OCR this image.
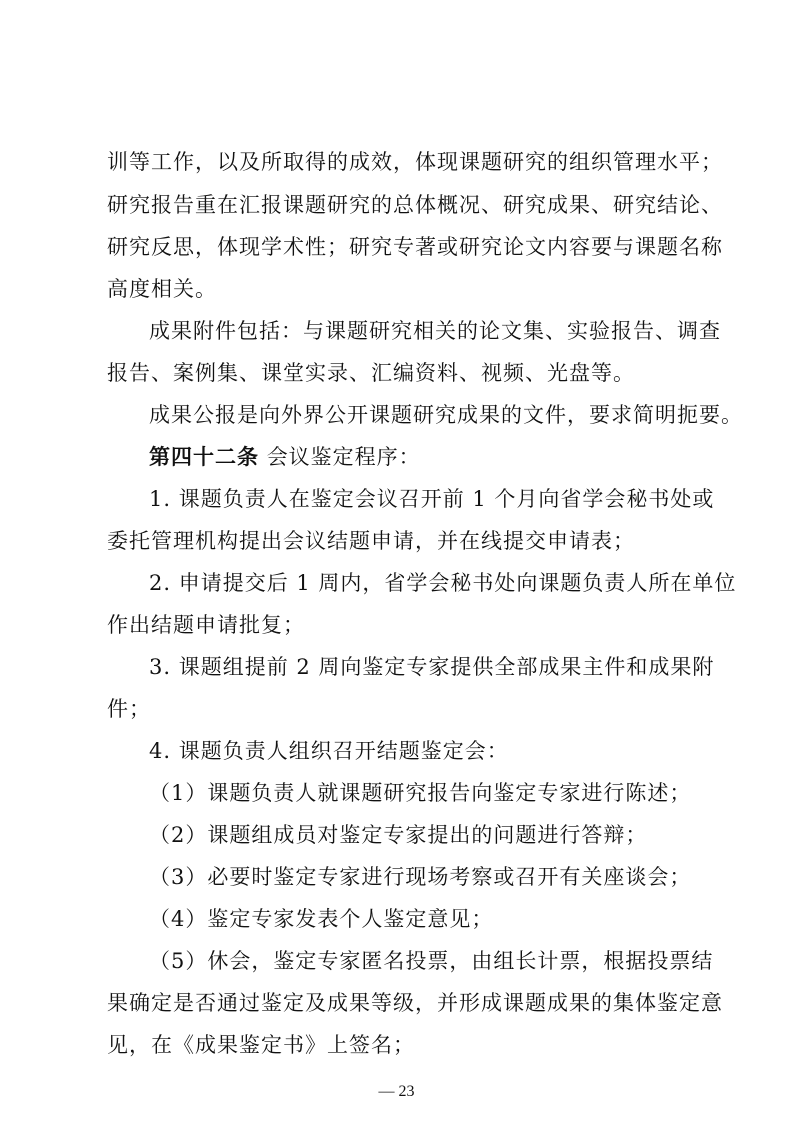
训等工作，以及所取得的成效，体现课题研究的组织管理水平；
研究报告重在汇报课题研究的总体概况、研究成果、研究结论、
研究反思，体现学术性；研究专著或研究论文内容要与课题名称
高度相关。
成果附件包括：与课题研究相关的论文集、实验报告、调查
报告、案例集、课堂实录、汇编资料、视频、光盘等。
成果公报是向外界公开课题研究成果的文件，要求简明扼要。
第四十二条 会议鉴定程序：
1. 课题负责人在鉴定会议召开前 1 个月向省学会秘书处或
委托管理机构提出会议结题申请，并在线提交申请表；
2. 申请提交后 1 周内，省学会秘书处向课题负责人所在单位
作出结题申请批复；
3. 课题组提前 2 周向鉴定专家提供全部成果主件和成果附
件；
4. 课题负责人组织召开结题鉴定会：
（1）课题负责人就课题研究报告向鉴定专家进行陈述；
（2）课题组成员对鉴定专家提出的问题进行答辩；
（3）必要时鉴定专家进行现场考察或召开有关座谈会；
（4）鉴定专家发表个人鉴定意见；
（5）休会，鉴定专家匿名投票，由组长计票，根据投票结
果确定是否通过鉴定及成果等级，并形成课题成果的集体鉴定意
见，在《成果鉴定书》上签名；
— 23
